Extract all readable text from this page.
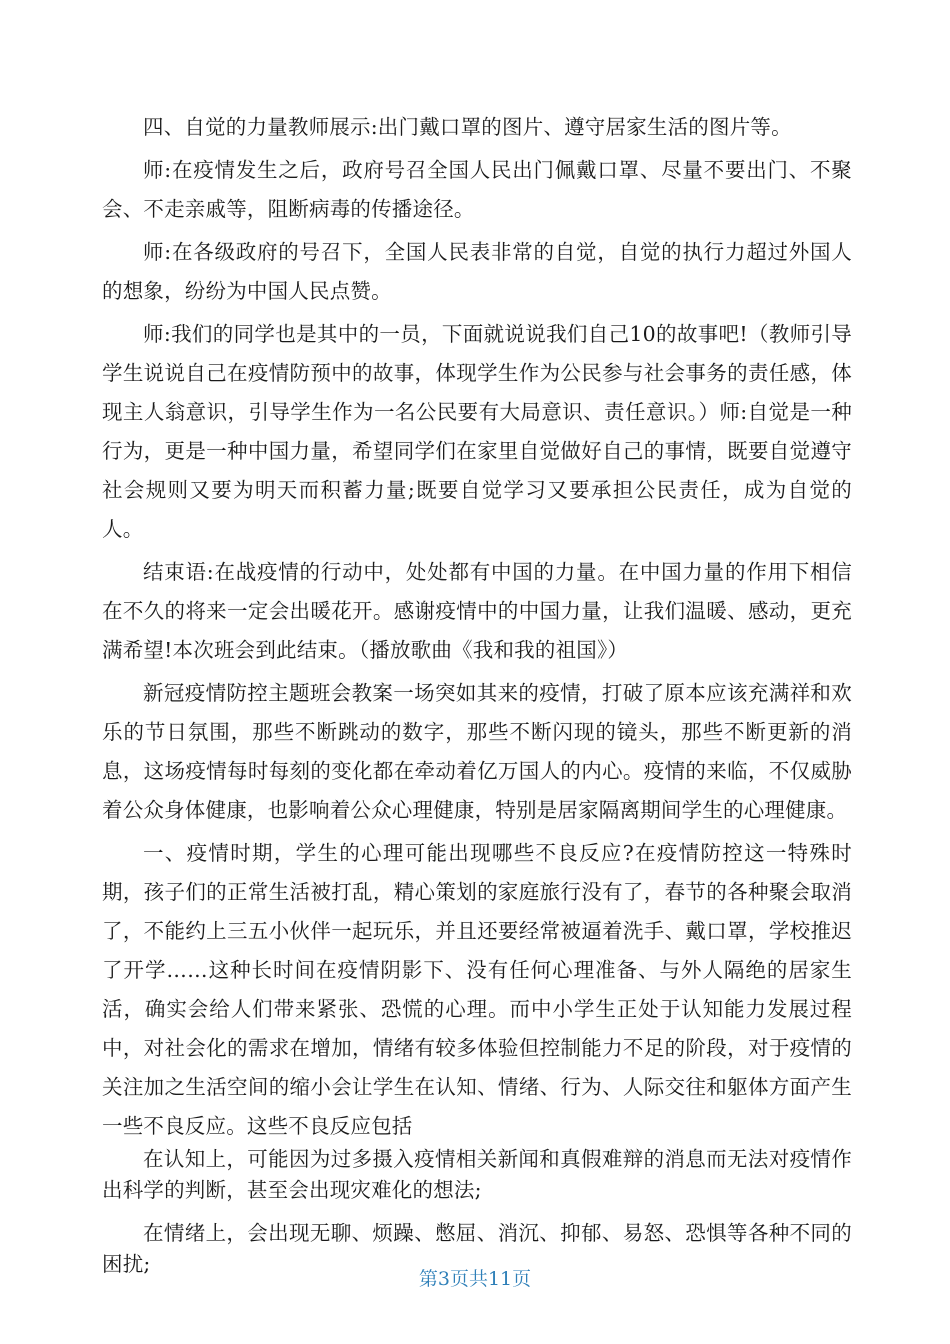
四、自觉的力量教师展示:出门戴口罩的图片、遵守居家生活的图片等。

师:在疫情发生之后，政府号召全国人民出门佩戴口罩、尽量不要出门、不聚会、不走亲戚等，阻断病毒的传播途径。

师:在各级政府的号召下，全国人民表非常的自觉，自觉的执行力超过外国人的想象，纷纷为中国人民点赞。

师:我们的同学也是其中的一员，下面就说说我们自己10的故事吧!（教师引导学生说说自己在疫情防预中的故事，体现学生作为公民参与社会事务的责任感，体现主人翁意识，引导学生作为一名公民要有大局意识、责任意识。）师:自觉是一种行为，更是一种中国力量，希望同学们在家里自觉做好自己的事情，既要自觉遵守社会规则又要为明天而积蓄力量;既要自觉学习又要承担公民责任，成为自觉的人。

结束语:在战疫情的行动中，处处都有中国的力量。在中国力量的作用下相信在不久的将来一定会出暖花开。感谢疫情中的中国力量，让我们温暖、感动，更充满希望!本次班会到此结束。（播放歌曲《我和我的祖国》）

新冠疫情防控主题班会教案一场突如其来的疫情，打破了原本应该充满祥和欢乐的节日氛围，那些不断跳动的数字，那些不断闪现的镜头，那些不断更新的消息，这场疫情每时每刻的变化都在牵动着亿万国人的内心。疫情的来临，不仅威胁着公众身体健康，也影响着公众心理健康，特别是居家隔离期间学生的心理健康。

一、疫情时期，学生的心理可能出现哪些不良反应?在疫情防控这一特殊时期，孩子们的正常生活被打乱，精心策划的家庭旅行没有了，春节的各种聚会取消了，不能约上三五小伙伴一起玩乐，并且还要经常被逼着洗手、戴口罩，学校推迟了开学……这种长时间在疫情阴影下、没有任何心理准备、与外人隔绝的居家生活，确实会给人们带来紧张、恐慌的心理。而中小学生正处于认知能力发展过程中，对社会化的需求在增加，情绪有较多体验但控制能力不足的阶段，对于疫情的关注加之生活空间的缩小会让学生在认知、情绪、行为、人际交往和躯体方面产生一些不良反应。这些不良反应包括

在认知上，可能因为过多摄入疫情相关新闻和真假难辩的消息而无法对疫情作出科学的判断，甚至会出现灾难化的想法;

在情绪上，会出现无聊、烦躁、憋屈、消沉、抑郁、易怒、恐惧等各种不同的困扰;

第3页共11页
